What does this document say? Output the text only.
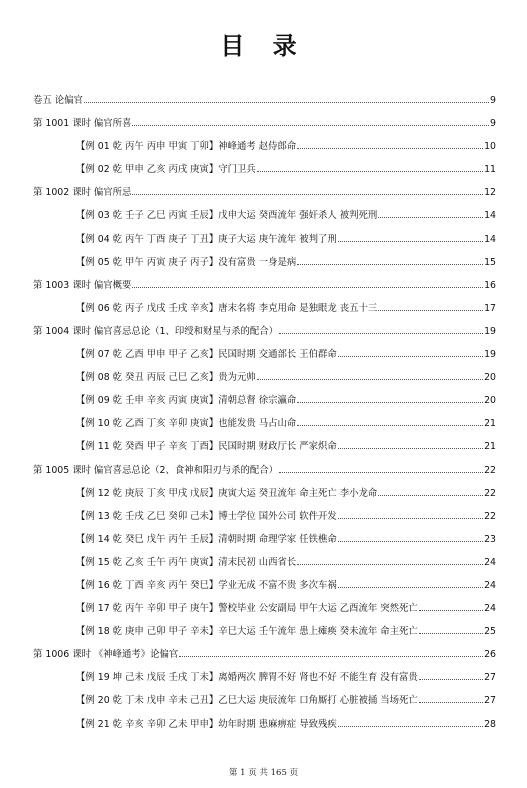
目 录
卷五 论偏官	9
第 1001 课时 偏官所喜	9
【例 01 乾 丙午 丙申 甲寅 丁卯】神峰通考 赵侍郎命	10
【例 02 乾 甲申 乙亥 丙戌 庚寅】守门卫兵	11
第 1002 课时 偏官所忌	12
【例 03 乾 壬子 乙巳 丙寅 壬辰】戊申大运 癸酉流年 强奸杀人 被判死刑	14
【例 04 乾 丙午 丁酉 庚子 丁丑】庚子大运 庚午流年 被判了刑	14
【例 05 乾 甲午 丙寅 庚子 丙子】没有富贵 一身是病	15
第 1003 课时 偏官概要	16
【例 06 乾 丙子 戊戌 壬戌 辛亥】唐末名将 李克用命 是独眼龙 丧五十三	17
第 1004 课时 偏官喜忌总论（1、印绶和财星与杀的配合）	19
【例 07 乾 乙酉 甲申 甲子 乙亥】民国时期 交通部长 王伯群命	19
【例 08 乾 癸丑 丙辰 己巳 乙亥】贵为元帅	20
【例 09 乾 壬申 辛亥 丙寅 庚寅】清朝总督 徐宗瀛命	20
【例 10 乾 乙酉 丁亥 辛卯 庚寅】也能发贵 马占山命	21
【例 11 乾 癸酉 甲子 辛亥 丁酉】民国时期 财政厅长 严家炽命	21
第 1005 课时 偏官喜忌总论（2、食神和阳刃与杀的配合）	22
【例 12 乾 庚辰 丁亥 甲戌 戊辰】庚寅大运 癸丑流年 命主死亡 李小龙命	22
【例 13 乾 壬戌 乙巳 癸卯 己未】博士学位 国外公司 软件开发	22
【例 14 乾 癸巳 戊午 丙午 壬辰】清朝时期 命理学家 任铁樵命	23
【例 15 乾 乙亥 壬午 丙午 庚寅】清末民初 山西省长	24
【例 16 乾 丁酉 辛亥 丙午 癸巳】学业无成 不富不贵 多次车祸	24
【例 17 乾 丙午 辛卯 甲子 庚午】警校毕业 公安副局 甲午大运 乙酉流年 突然死亡	24
【例 18 乾 庚申 己卯 甲子 辛未】辛巳大运 壬午流年 患上瘫痪 癸未流年 命主死亡	25
第 1006 课时 《神峰通考》论偏官	26
【例 19 坤 己未 戊辰 壬戌 丁未】离婚两次 脾胃不好 肾也不好 不能生育 没有富贵	27
【例 20 乾 丁未 戊申 辛未 己丑】乙巳大运 庚辰流年 口角厮打 心脏被捅 当场死亡	27
【例 21 乾 辛亥 辛卯 乙未 甲申】幼年时期 患麻痹症 导致残疾	28
第 1 页 共 165 页
